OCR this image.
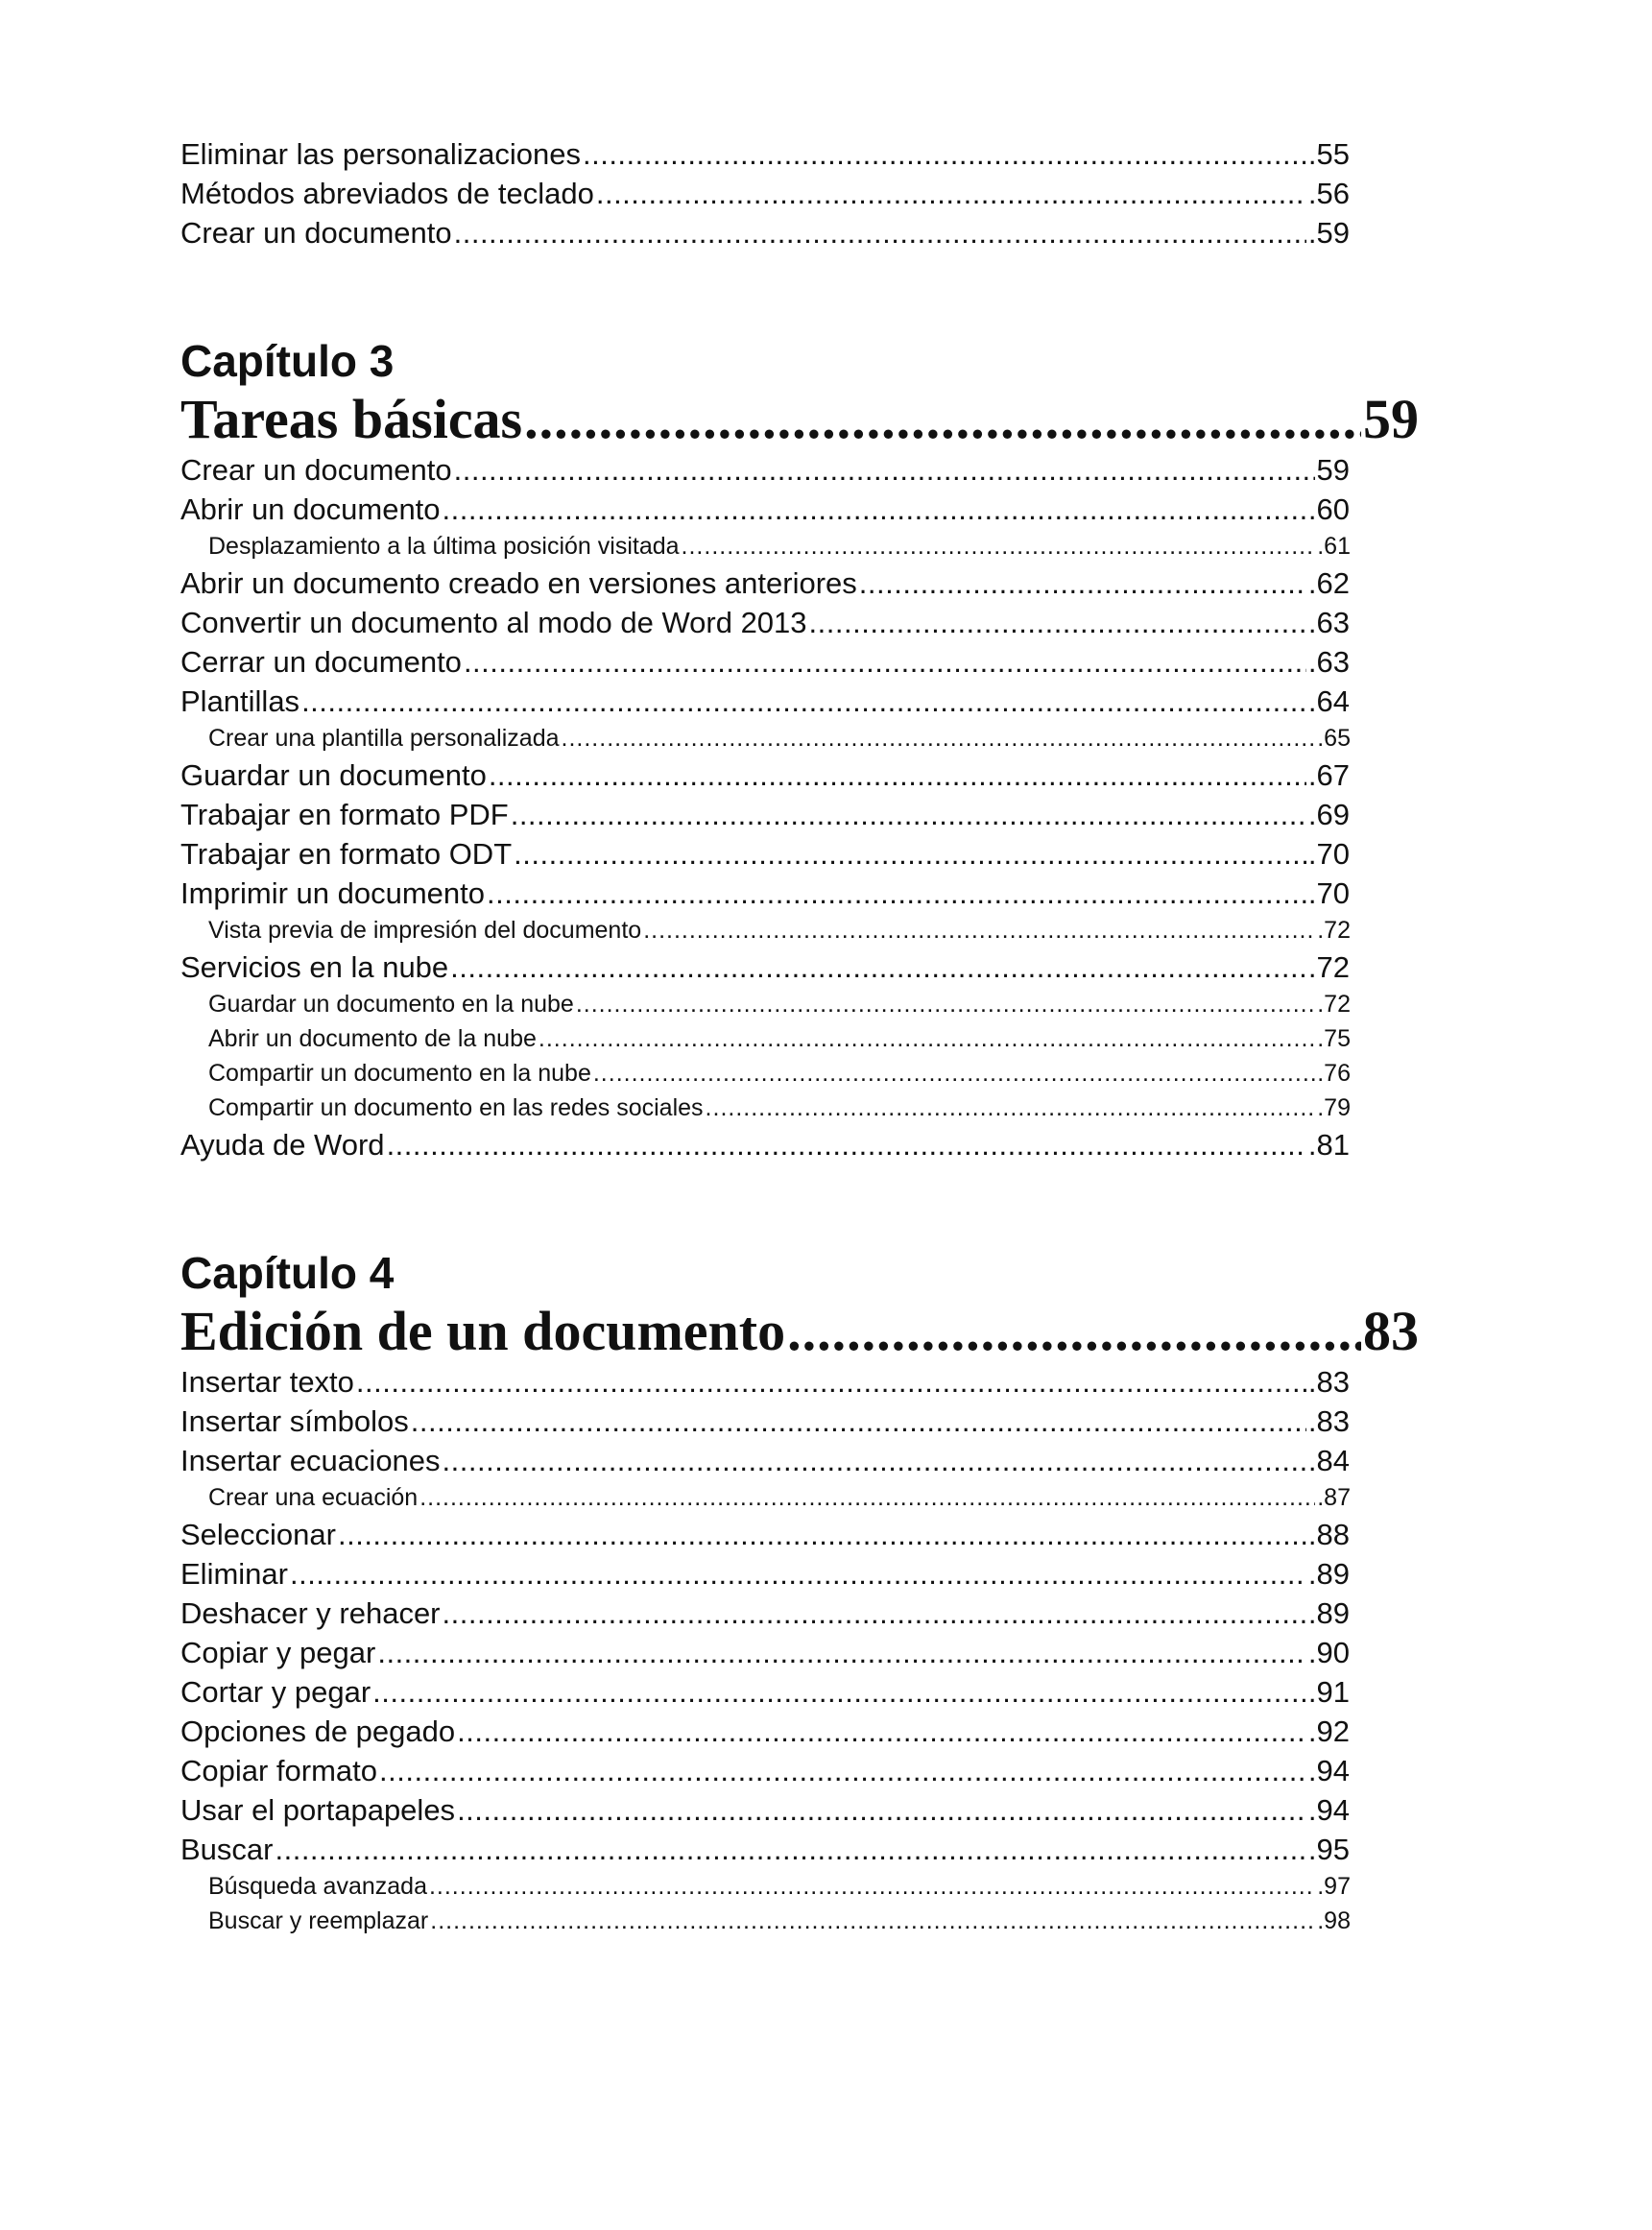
Eliminar las personalizaciones .....	.55
Métodos abreviados de teclado .....	.56
Crear un documento .....	.59
Capítulo 3
Tareas básicas .....	59
Crear un documento .....	59
Abrir un documento .....	.60
Desplazamiento a la última posición visitada .....	.61
Abrir un documento creado en versiones anteriores .....	.62
Convertir un documento al modo de Word 2013 .....	.63
Cerrar un documento .....	.63
Plantillas .....	.64
Crear una plantilla personalizada .....	.65
Guardar un documento .....	.67
Trabajar en formato PDF .....	.69
Trabajar en formato ODT .....	.70
Imprimir un documento .....	.70
Vista previa de impresión del documento .....	.72
Servicios en la nube .....	.72
Guardar un documento en la nube .....	.72
Abrir un documento de la nube .....	.75
Compartir un documento en la nube .....	.76
Compartir un documento en las redes sociales .....	.79
Ayuda de Word .....	.81
Capítulo 4
Edición de un documento .....	83
Insertar texto .....	.83
Insertar símbolos .....	.83
Insertar ecuaciones .....	.84
Crear una ecuación .....	.87
Seleccionar .....	.88
Eliminar .....	.89
Deshacer y rehacer .....	.89
Copiar y pegar .....	.90
Cortar y pegar .....	.91
Opciones de pegado .....	.92
Copiar formato .....	.94
Usar el portapapeles .....	.94
Buscar .....	.95
Búsqueda avanzada .....	.97
Buscar y reemplazar .....	.98
